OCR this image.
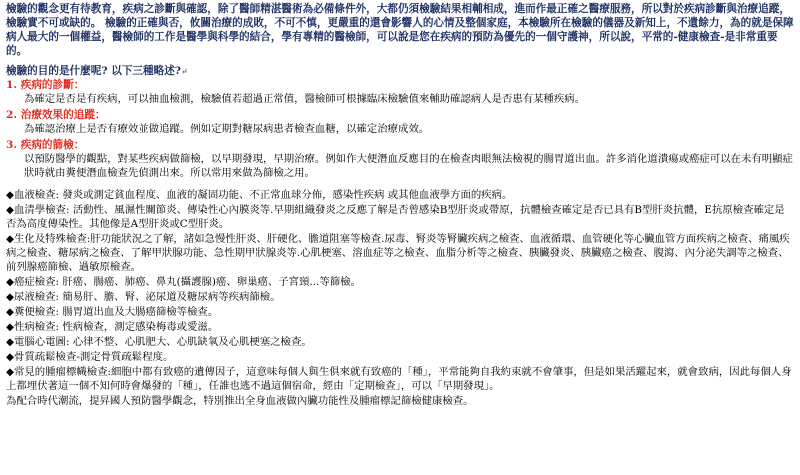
檢驗的觀念更有待教育，疾病之診斷與確認，除了醫師精湛醫術為必備條件外，大都仍須檢驗結果相輔相成，進而作最正確之醫療服務，所以對於疾病診斷與治療追蹤，檢驗實不可或缺的。 檢驗的正確與否，攸關治療的成敗，不可不慎，更嚴重的還會影響人的心情及整個家庭，本檢驗所在檢驗的儀器及新知上，不遺餘力，為的就是保障病人最大的一個權益，醫檢師的工作是醫學與科學的結合，學有專精的醫檢師，可以說是您在疾病的預防為優先的一個守護神，所以說，平常的-健康檢查-是非常重要的。

檢驗的目的是什麼呢? 以下三種略述?↵

1. 疾病的診斷：

為確定是否是有疾病，可以抽血檢測，檢驗值若超過正常值，醫檢師可根據臨床檢驗值來輔助確認病人是否患有某種疾病。

2. 治療效果的追蹤：

為確認治療上是否有療效並做追蹤。例如定期對糖尿病患者檢查血糖，以確定治療成效。

3. 疾病的篩檢：

以預防醫學的觀點，對某些疾病做篩檢，以早期發現，早期治療。例如作大便潛血反應目的在檢查肉眼無法檢視的腸胃道出血。許多消化道潰瘍或癌症可以在未有明顯症狀時就由糞便潛血檢查先偵測出來。所以常用來做為篩檢之用。

◆血液檢查: 發炎或測定貧血程度、血液的凝固功能、不正常血球分佈，感染性疾病 或其他血液學方面的疾病。

◆血清學檢查: 活動性、風濕性關節炎、傳染性心內膜炎等.早期組織發炎之反應了解是否曾感染B型肝炎或帶原，抗體檢查確定是否已具有B型肝炎抗體，E抗原檢查確定是否為高度傳染性。其他像是A型肝炎或C型肝炎。

◆生化及特殊檢查:肝功能狀況之了解，諸如急慢性肝炎、肝硬化、膽道阻塞等檢查.尿毒、腎炎等腎臟疾病之檢查、血液循環、血管硬化等心臟血管方面疾病之檢查、痛風疾病之檢查、糖尿病之檢查、了解甲狀腺功能、急性期甲狀腺炎等.心肌梗塞、溶血症等之檢查、血脂分析等之檢查、胰臟發炎、胰臟癌之檢查、腹瀉、內分泌失調等之檢查、前列腺癌篩檢、過敏原檢查。

◆癌症檢查: 肝癌、腸癌、肺癌、鼻丸(攝護腺)癌、卵巢癌、子宮頸...等篩檢。

◆尿液檢查: 簡易肝、膽、腎、泌尿道及糖尿病等疾病篩檢。

◆糞便檢查: 腸胃道出血及大腸癌篩檢等檢查。

◆性病檢查: 性病檢查，測定感染梅毒或愛滋。

◆電腦心電圖: 心律不整、心肌肥大、心肌缺氧及心肌梗塞之檢查。

◆骨質疏鬆檢查-測定骨質疏鬆程度。

◆常見的腫瘤標幟檢查:細胞中都有致癌的遺傳因子，這意味每個人與生俱來就有致癌的「種」，平常能夠自我約束就不會肇事，但是如果活躍起來，就會致病，因此每個人身上都埋伏著這一個不知何時會爆發的「種」，任誰也逃不過這個宿命，經由「定期檢查」，可以「早期發現」。

為配合時代潮流，提昇國人預防醫學觀念，特別推出全身血液做內臟功能性及腫瘤標記篩檢健康檢查。
